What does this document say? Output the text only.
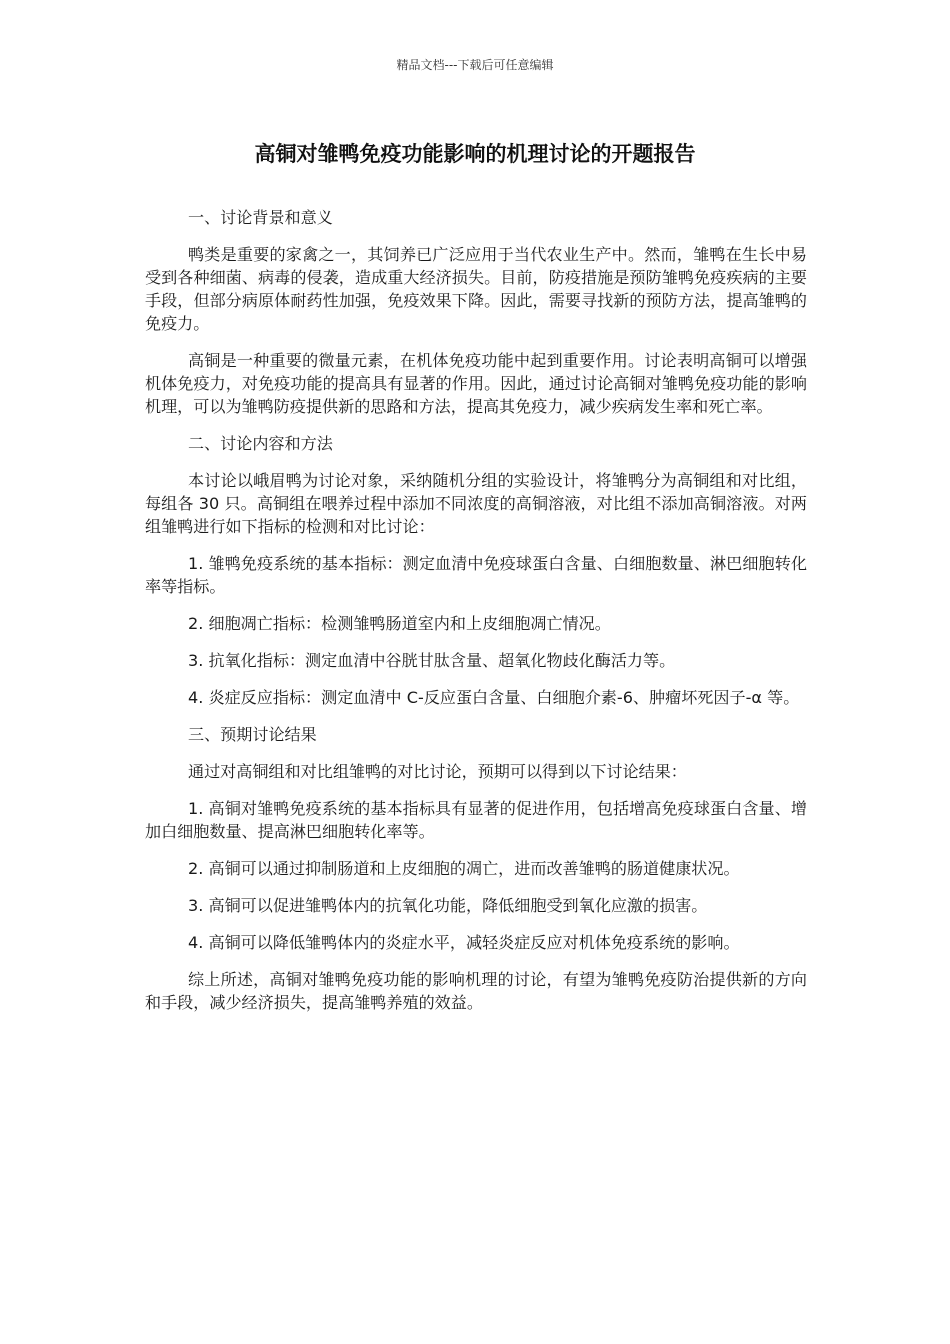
精品文档---下载后可任意编辑
高铜对雏鸭免疫功能影响的机理讨论的开题报告
一、讨论背景和意义

鸭类是重要的家禽之一，其饲养已广泛应用于当代农业生产中。然而，雏鸭在生长中易受到各种细菌、病毒的侵袭，造成重大经济损失。目前，防疫措施是预防雏鸭免疫疾病的主要手段，但部分病原体耐药性加强，免疫效果下降。因此，需要寻找新的预防方法，提高雏鸭的免疫力。

高铜是一种重要的微量元素，在机体免疫功能中起到重要作用。讨论表明高铜可以增强机体免疫力，对免疫功能的提高具有显著的作用。因此，通过讨论高铜对雏鸭免疫功能的影响机理，可以为雏鸭防疫提供新的思路和方法，提高其免疫力，减少疾病发生率和死亡率。

二、讨论内容和方法

本讨论以峨眉鸭为讨论对象，采纳随机分组的实验设计，将雏鸭分为高铜组和对比组，每组各 30 只。高铜组在喂养过程中添加不同浓度的高铜溶液，对比组不添加高铜溶液。对两组雏鸭进行如下指标的检测和对比讨论：

1. 雏鸭免疫系统的基本指标：测定血清中免疫球蛋白含量、白细胞数量、淋巴细胞转化率等指标。

2. 细胞凋亡指标：检测雏鸭肠道室内和上皮细胞凋亡情况。

3. 抗氧化指标：测定血清中谷胱甘肽含量、超氧化物歧化酶活力等。

4. 炎症反应指标：测定血清中 C-反应蛋白含量、白细胞介素-6、肿瘤坏死因子-α 等。

三、预期讨论结果

通过对高铜组和对比组雏鸭的对比讨论，预期可以得到以下讨论结果：

1. 高铜对雏鸭免疫系统的基本指标具有显著的促进作用，包括增高免疫球蛋白含量、增加白细胞数量、提高淋巴细胞转化率等。

2. 高铜可以通过抑制肠道和上皮细胞的凋亡，进而改善雏鸭的肠道健康状况。

3. 高铜可以促进雏鸭体内的抗氧化功能，降低细胞受到氧化应激的损害。

4. 高铜可以降低雏鸭体内的炎症水平，减轻炎症反应对机体免疫系统的影响。

综上所述，高铜对雏鸭免疫功能的影响机理的讨论，有望为雏鸭免疫防治提供新的方向和手段，减少经济损失，提高雏鸭养殖的效益。
